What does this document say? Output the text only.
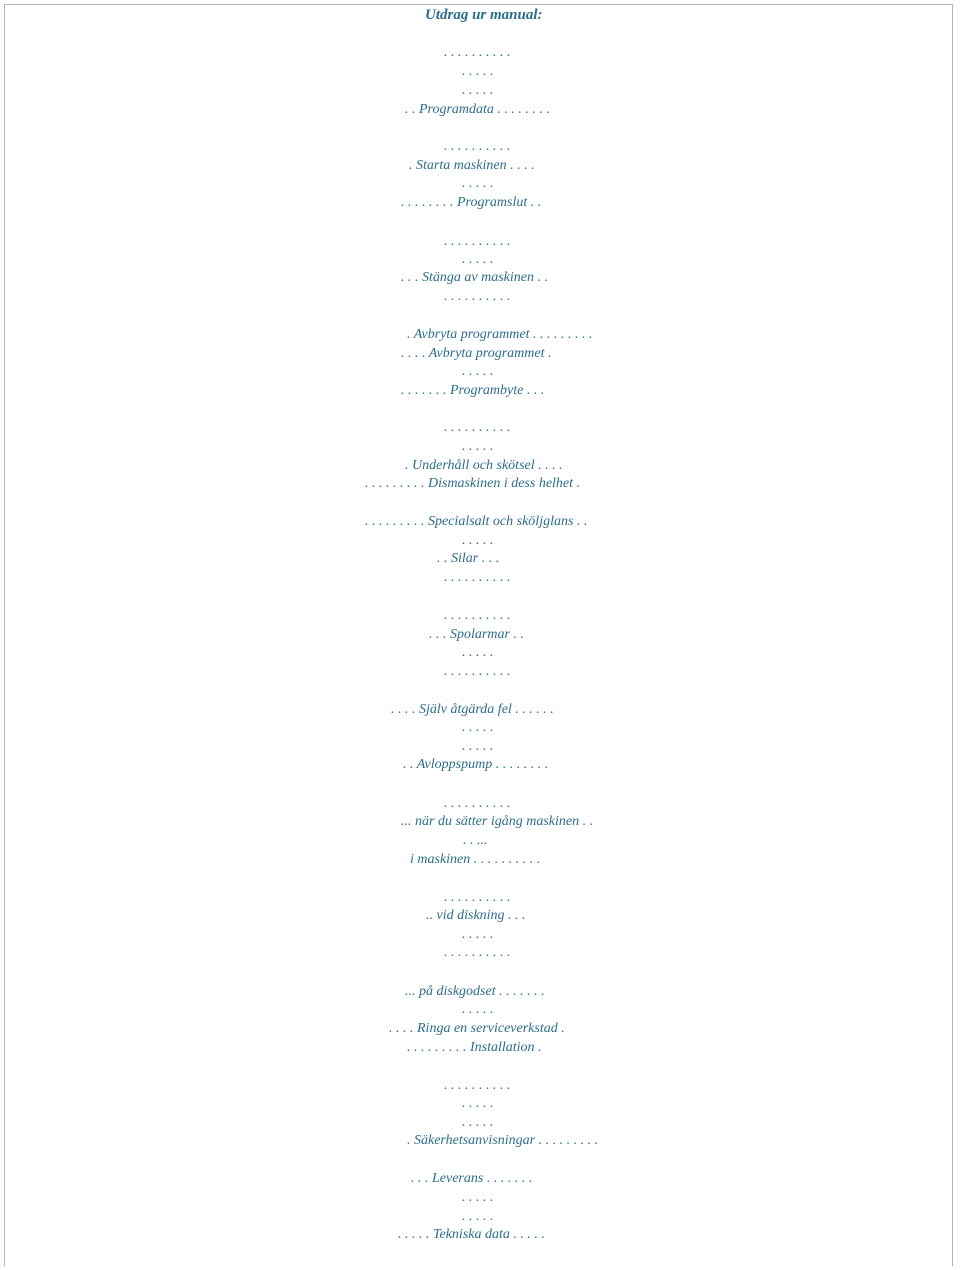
Utdrag ur manual:
. . . . . . . . . .
. . . . .
. . . . .
. . Programdata . . . . . . . .
. . . . . . . . . .
. Starta maskinen . . . .
. . . . .
. . . . . . . . Programslut . .
. . . . . . . . . .
. . . . .
. . . Stänga av maskinen . .
. . . . . . . . . .
. Avbryta programmet . . . . . . . . .
. . . . Avbryta programmet .
. . . . .
. . . . . . . Programbyte . . .
. . . . . . . . . .
. . . . .
. Underhåll och skötsel . . . .
. . . . . . . . . Dismaskinen i dess helhet .
. . . . . . . . . Specialsalt och sköljglans . .
. . . . .
. . Silar . . .
. . . . . . . . . .
. . . . . . . . . .
. . . Spolarmar . .
. . . . .
. . . . . . . . . .
. . . . Själv åtgärda fel . . . . . .
. . . . .
. . . . .
. . Avloppspump . . . . . . . .
. . . . . . . . . .
... när du sätter igång maskinen . .
. . ...
i maskinen . . . . . . . . . .
. . . . . . . . . .
.. vid diskning . . .
. . . . .
. . . . . . . . . .
... på diskgodset . . . . . . .
. . . . .
. . . . Ringa en serviceverkstad .
. . . . . . . . . Installation .
. . . . . . . . . .
. . . . .
. . . . .
. Säkerhetsanvisningar . . . . . . . . .
. . . Leverans . . . . . . .
. . . . .
. . . . .
. . . . . Tekniska data . . . . .
